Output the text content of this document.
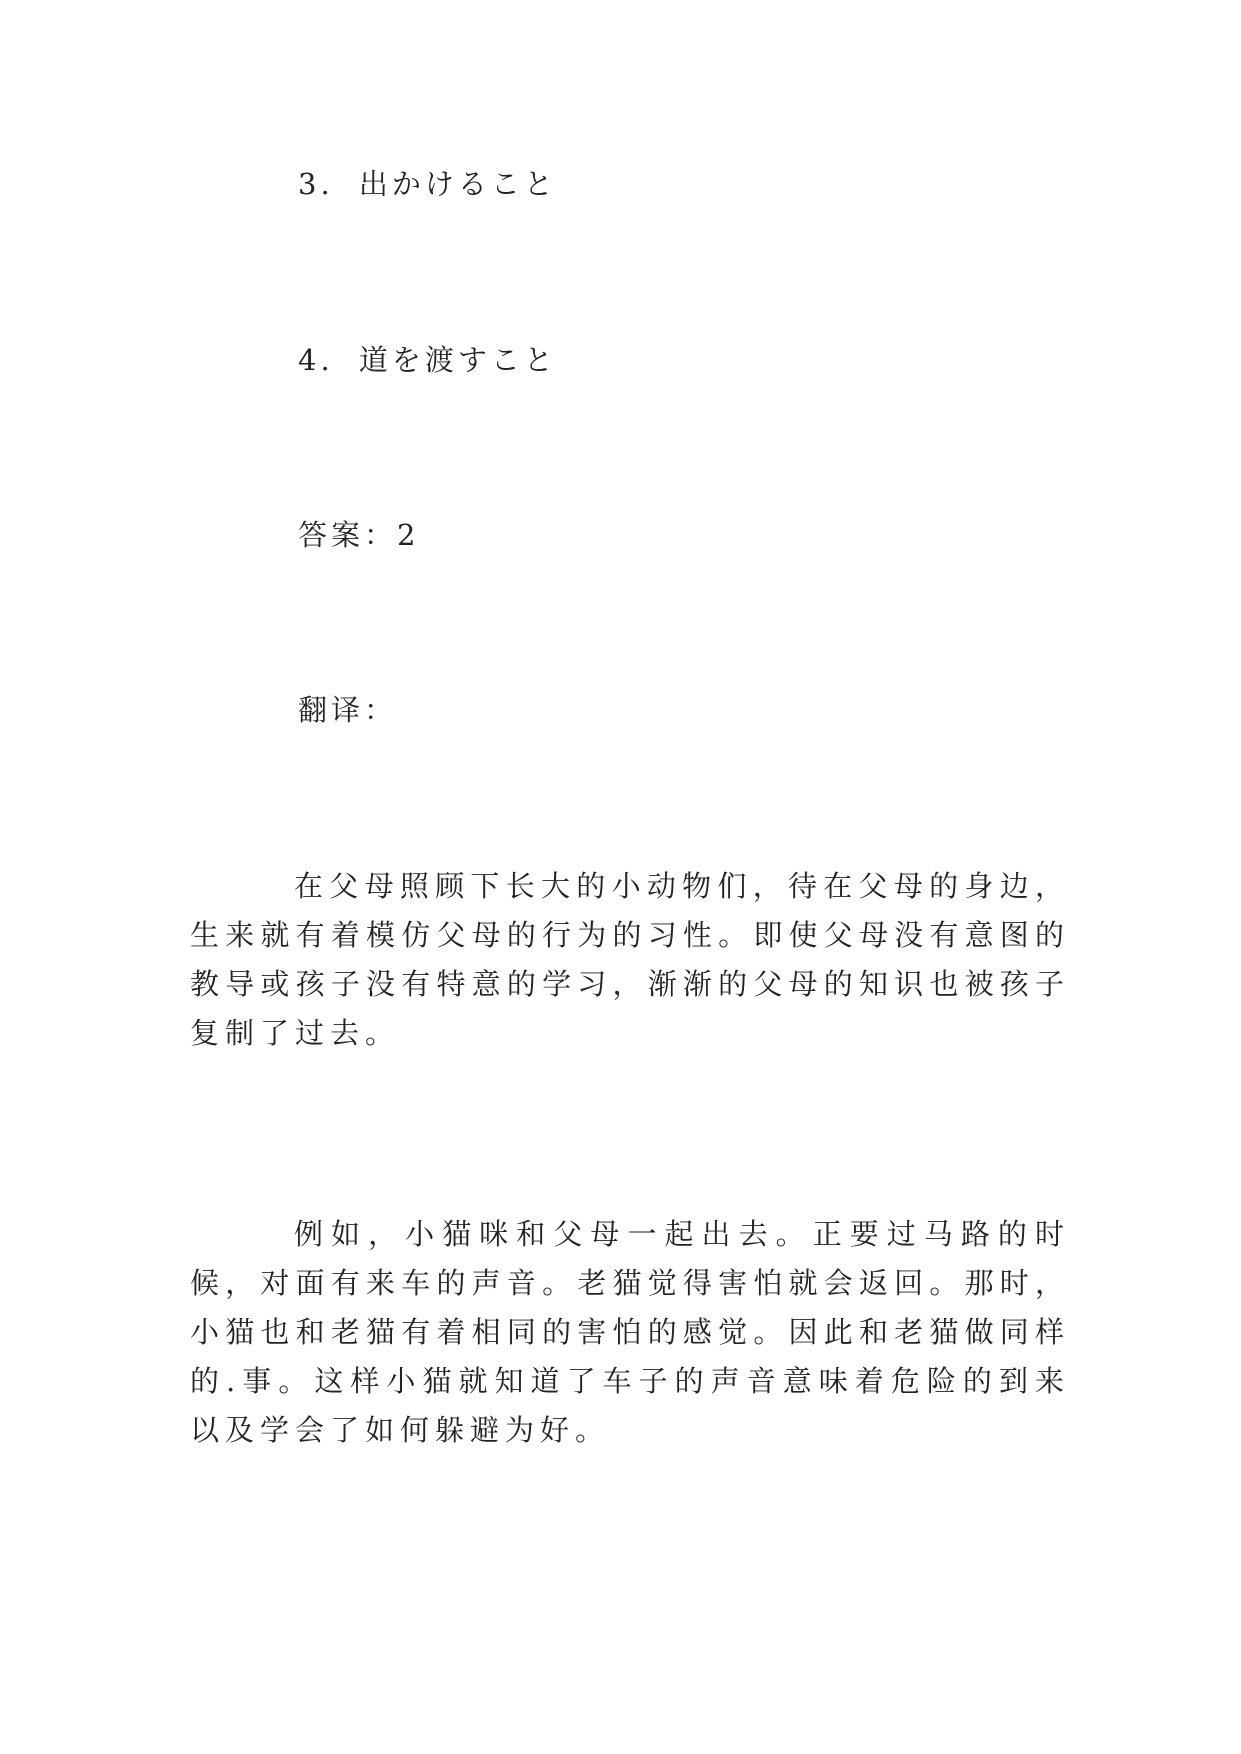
3. 出かけること
4. 道を渡すこと
答案：2
翻译：

在父母照顾下长大的小动物们，待在父母的身边，生来就有着模仿父母的行为的习性。即使父母没有意图的教导或孩子没有特意的学习，渐渐的父母的知识也被孩子复制了过去。

例如，小猫咪和父母一起出去。正要过马路的时候，对面有来车的声音。老猫觉得害怕就会返回。那时，小猫也和老猫有着相同的害怕的感觉。因此和老猫做同样的.事。这样小猫就知道了车子的声音意味着危险的到来以及学会了如何躲避为好。
